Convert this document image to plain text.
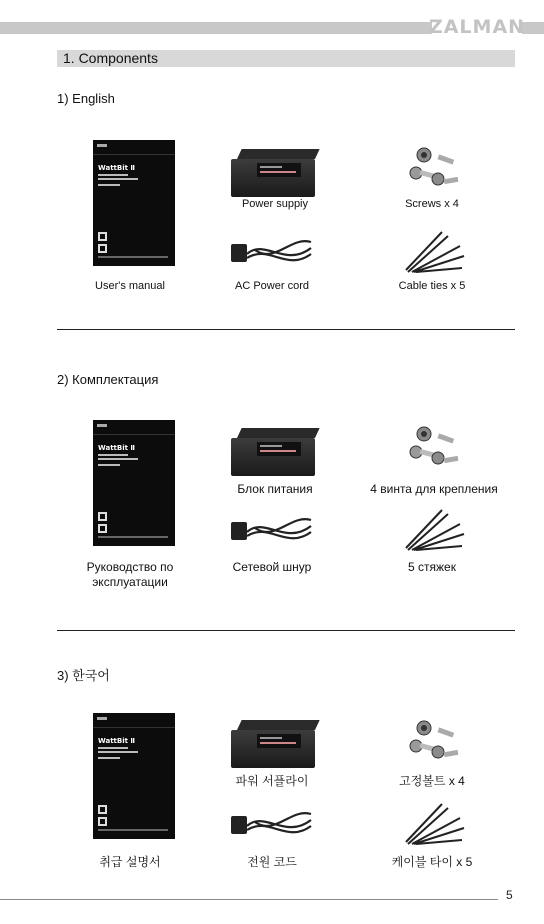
ZALMAN
1. Components
1) English
WattBit Ⅱ
Power suppiy	Screws x 4
User's manual	AC Power cord	Cable ties x 5
2) Комплектация
WattBit Ⅱ
Блок питания	4 винта для крепления
Руководство по
эксплуатации
Сетевой шнур	5 стяжек
3) 한국어
WattBit Ⅱ
파워 서플라이	고정볼트 x 4
취급 설명서	전원 코드	케이블 타이 x 5
5
